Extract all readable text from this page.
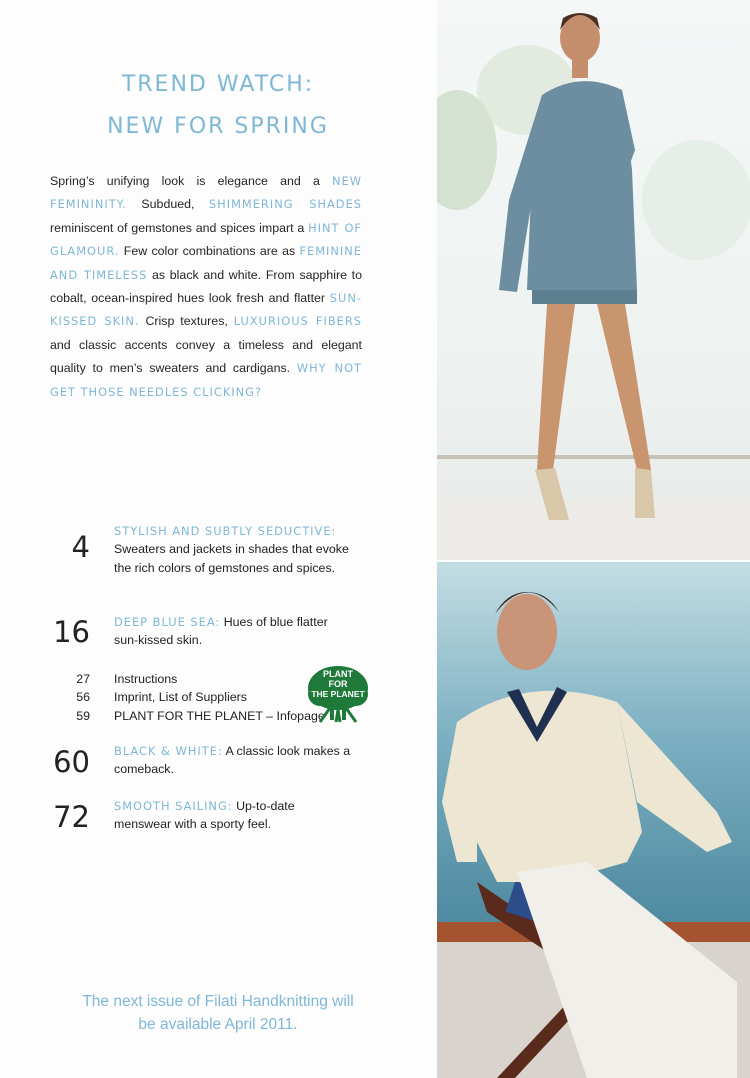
TREND WATCH:
NEW FOR SPRING

Spring’s unifying look is elegance and a NEW FEMININITY. Subdued, SHIMMERING SHADES reminiscent of gemstones and spices impart a HINT OF GLAMOUR. Few color combinations are as FEMININE AND TIMELESS as black and white. From sapphire to cobalt, ocean-inspired hues look fresh and flatter SUN-KISSED SKIN. Crisp textures, LUXURIOUS FIBERS and classic accents convey a timeless and elegant quality to men’s sweaters and cardigans. WHY NOT GET THOSE NEEDLES CLICKING?

4 STYLISH AND SUBTLY SEDUCTIVE: Sweaters and jackets in shades that evoke the rich colors of gemstones and spices.
16 DEEP BLUE SEA: Hues of blue flatter sun-kissed skin.
27
56
59
Instructions
Imprint, List of Suppliers
PLANT FOR THE PLANET – Infopage
PLANT
FOR
THE PLANET
60 BLACK & WHITE: A classic look makes a comeback.
72 SMOOTH SAILING: Up-to-date menswear with a sporty feel.
The next issue of Filati Handknitting will
be available April 2011.
